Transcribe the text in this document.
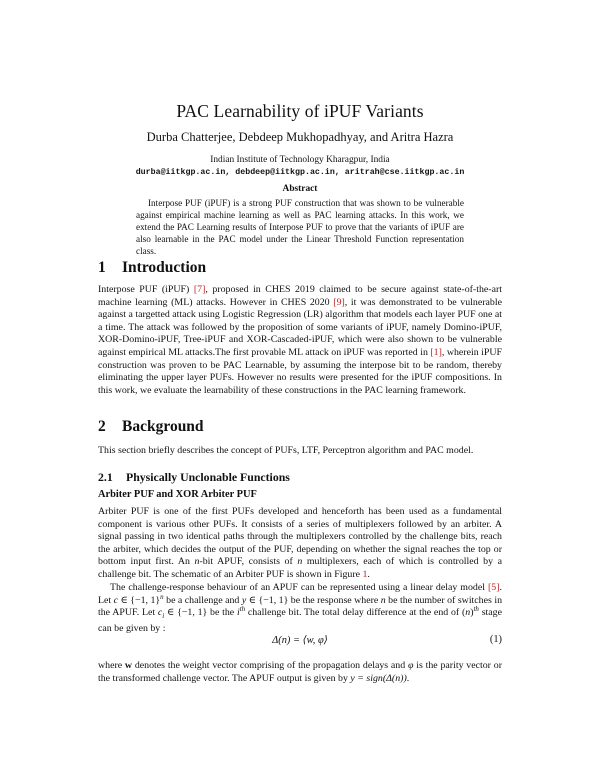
PAC Learnability of iPUF Variants
Durba Chatterjee, Debdeep Mukhopadhyay, and Aritra Hazra
Indian Institute of Technology Kharagpur, India
durba@iitkgp.ac.in, debdeep@iitkgp.ac.in, aritrah@cse.iitkgp.ac.in
Abstract
Interpose PUF (iPUF) is a strong PUF construction that was shown to be vulnerable against empirical machine learning as well as PAC learning attacks. In this work, we extend the PAC Learning results of Interpose PUF to prove that the variants of iPUF are also learnable in the PAC model under the Linear Threshold Function representation class.
1 Introduction
Interpose PUF (iPUF) [7], proposed in CHES 2019 claimed to be secure against state-of-the-art machine learning (ML) attacks. However in CHES 2020 [9], it was demonstrated to be vulnerable against a targetted attack using Logistic Regression (LR) algorithm that models each layer PUF one at a time. The attack was followed by the proposition of some variants of iPUF, namely Domino-iPUF, XOR-Domino-iPUF, Tree-iPUF and XOR-Cascaded-iPUF, which were also shown to be vulnerable against empirical ML attacks.The first provable ML attack on iPUF was reported in [1], wherein iPUF construction was proven to be PAC Learnable, by assuming the interpose bit to be random, thereby eliminating the upper layer PUFs. However no results were presented for the iPUF compositions. In this work, we evaluate the learnability of these constructions in the PAC learning framework.
2 Background
This section briefly describes the concept of PUFs, LTF, Perceptron algorithm and PAC model.
2.1 Physically Unclonable Functions
Arbiter PUF and XOR Arbiter PUF
Arbiter PUF is one of the first PUFs developed and henceforth has been used as a fundamental component is various other PUFs. It consists of a series of multiplexers followed by an arbiter. A signal passing in two identical paths through the multiplexers controlled by the challenge bits, reach the arbiter, which decides the output of the PUF, depending on whether the signal reaches the top or bottom input first. An n-bit APUF, consists of n multiplexers, each of which is controlled by a challenge bit. The schematic of an Arbiter PUF is shown in Figure 1.
The challenge-response behaviour of an APUF can be represented using a linear delay model [5]. Let c ∈ {−1, 1}$^n$ be a challenge and y ∈ {−1, 1} be the response where n be the number of switches in the APUF. Let $c_i$ ∈ {−1, 1} be the $i^{th}$ challenge bit. The total delay difference at the end of $(n)^{th}$ stage can be given by :
Δ(n) = ⟨w, φ⟩	(1)
where w denotes the weight vector comprising of the propagation delays and φ is the parity vector or the transformed challenge vector. The APUF output is given by y = sign(Δ(n)).
